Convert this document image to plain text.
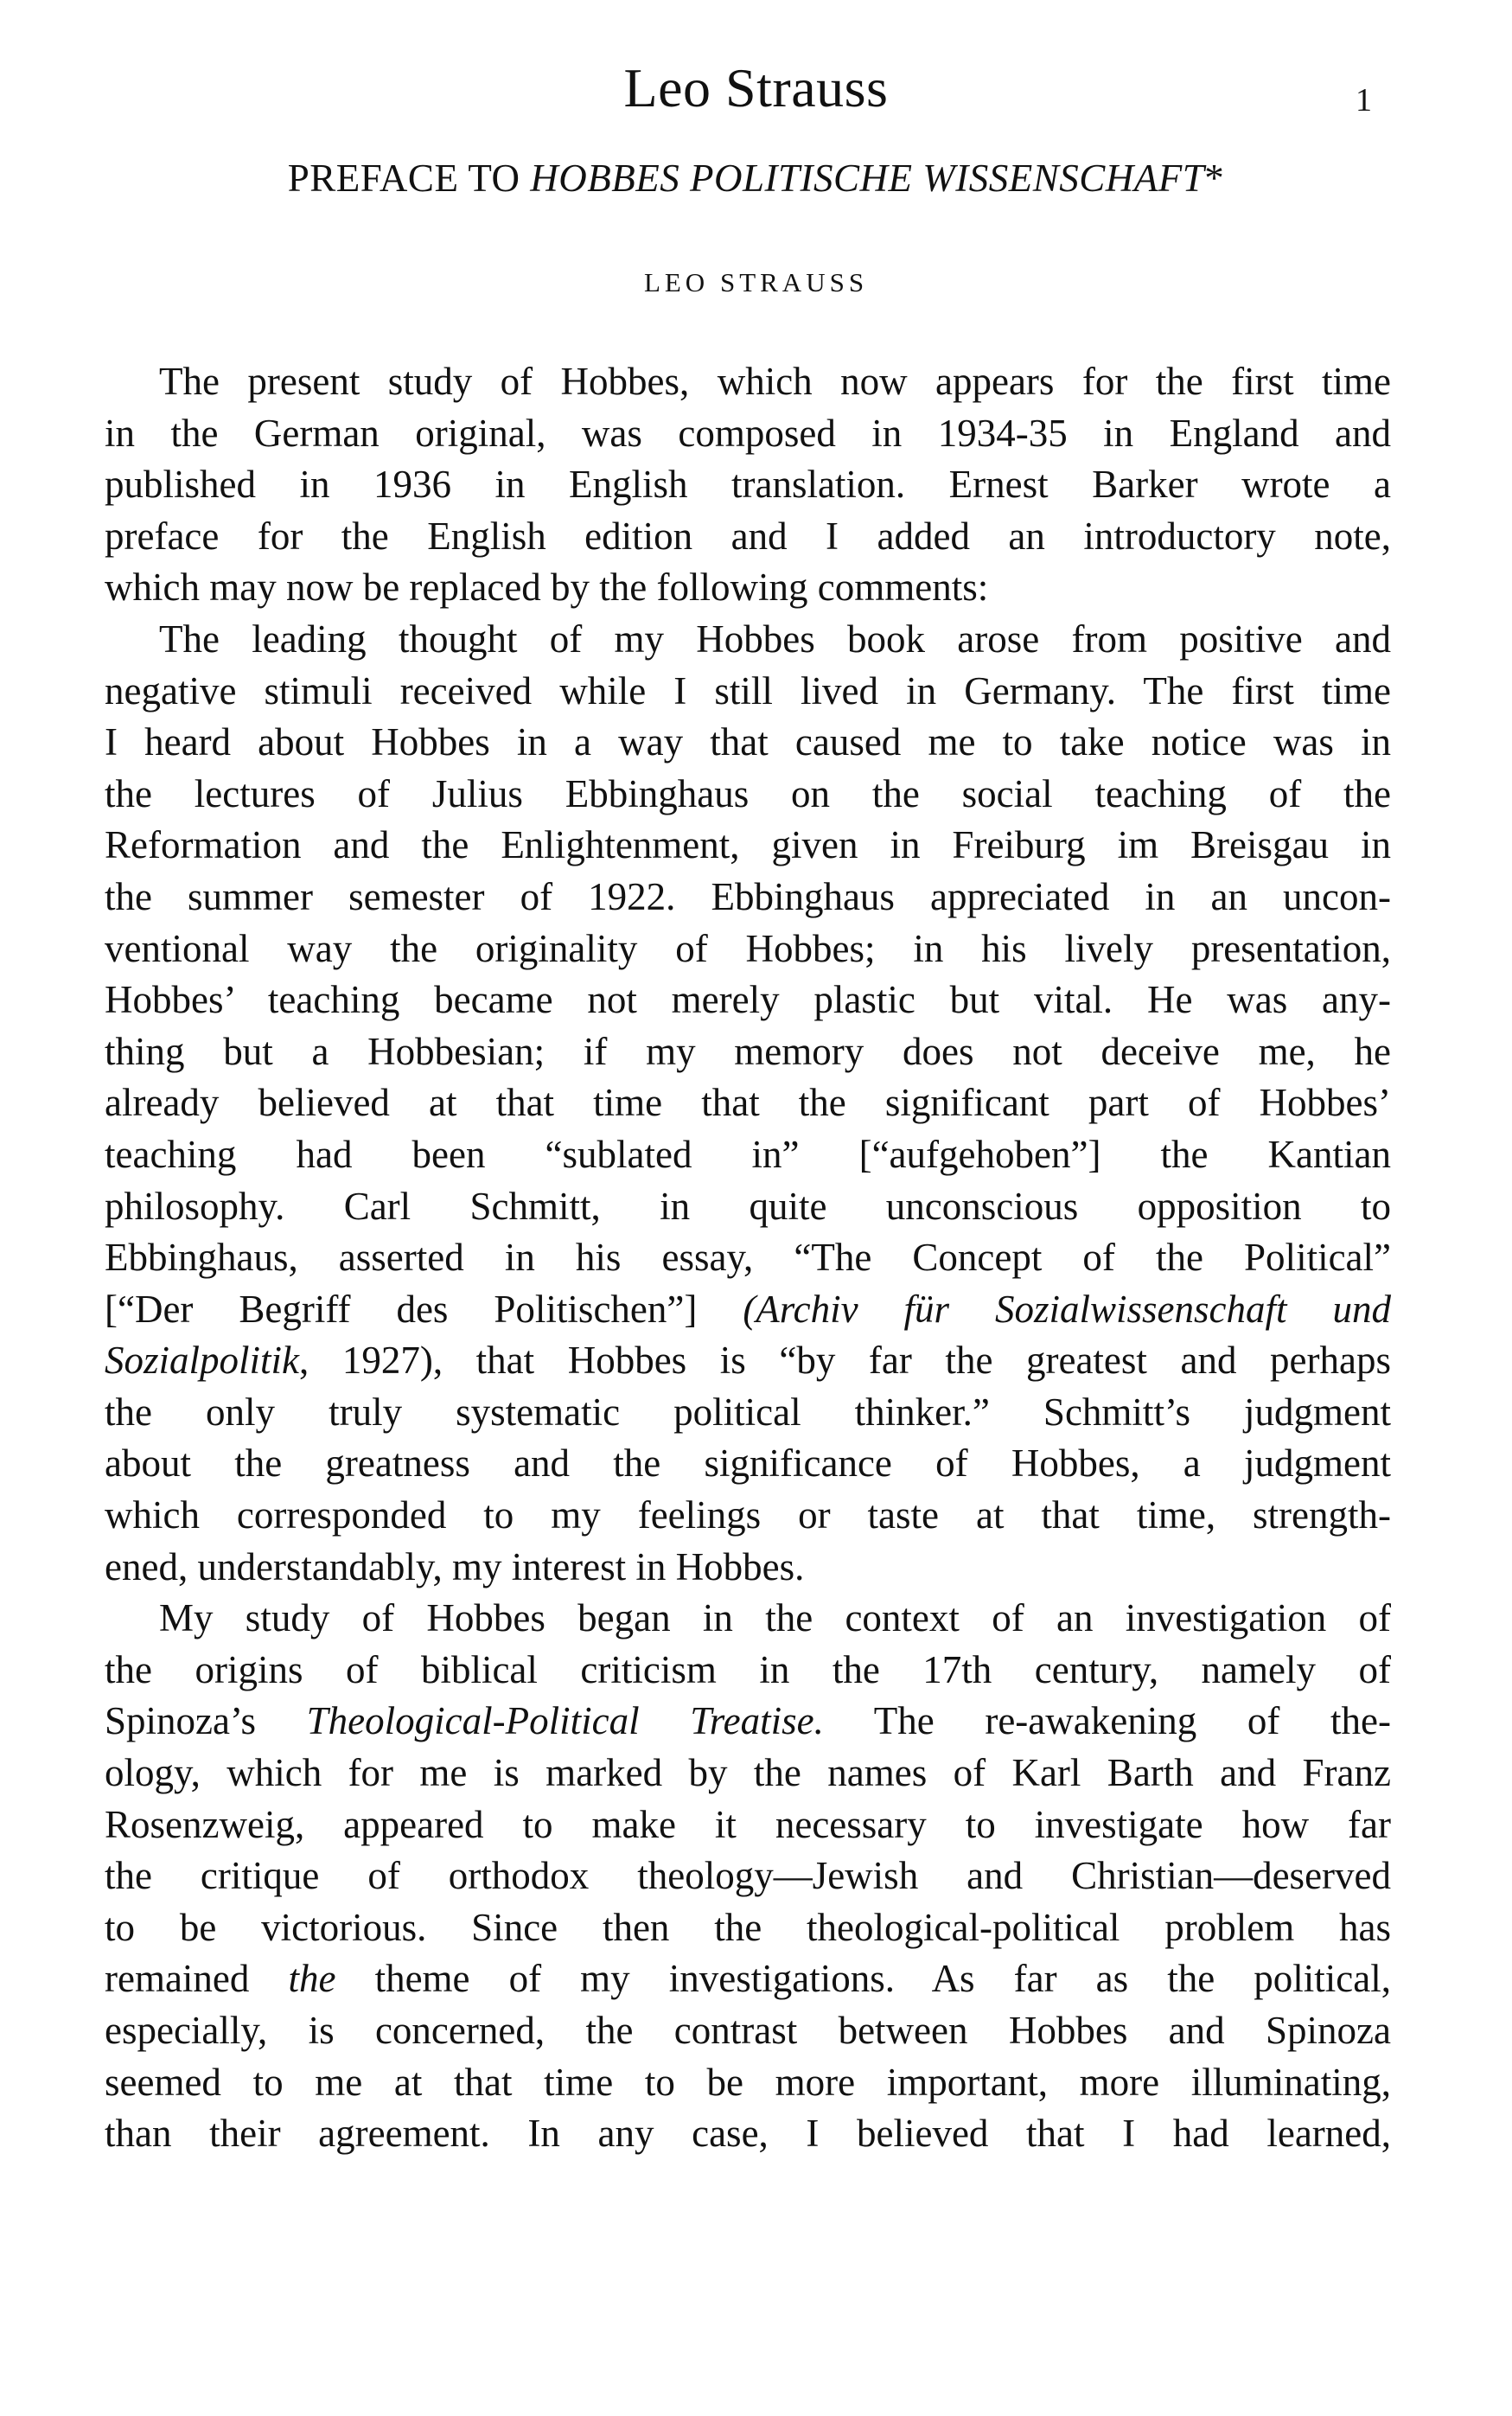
Leo Strauss	1
PREFACE TO HOBBES POLITISCHE WISSENSCHAFT*
LEO STRAUSS

The present study of Hobbes, which now appears for the first time
in the German original, was composed in 1934-35 in England and
published in 1936 in English translation. Ernest Barker wrote a
preface for the English edition and I added an introductory note,
which may now be replaced by the following comments:

The leading thought of my Hobbes book arose from positive and
negative stimuli received while I still lived in Germany. The first time
I heard about Hobbes in a way that caused me to take notice was in
the lectures of Julius Ebbinghaus on the social teaching of the
Reformation and the Enlightenment, given in Freiburg im Breisgau in
the summer semester of 1922. Ebbinghaus appreciated in an uncon-
ventional way the originality of Hobbes; in his lively presentation,
Hobbes’ teaching became not merely plastic but vital. He was any-
thing but a Hobbesian; if my memory does not deceive me, he
already believed at that time that the significant part of Hobbes’
teaching had been “sublated in” [“aufgehoben”] the Kantian
philosophy. Carl Schmitt, in quite unconscious opposition to
Ebbinghaus, asserted in his essay, “The Concept of the Political”
[“Der Begriff des Politischen”] (Archiv für Sozialwissenschaft und
Sozialpolitik, 1927), that Hobbes is “by far the greatest and perhaps
the only truly systematic political thinker.” Schmitt’s judgment
about the greatness and the significance of Hobbes, a judgment
which corresponded to my feelings or taste at that time, strength-
ened, understandably, my interest in Hobbes.

My study of Hobbes began in the context of an investigation of
the origins of biblical criticism in the 17th century, namely of
Spinoza’s Theological-Political Treatise. The re-awakening of the-
ology, which for me is marked by the names of Karl Barth and Franz
Rosenzweig, appeared to make it necessary to investigate how far
the critique of orthodox theology—Jewish and Christian—deserved
to be victorious. Since then the theological-political problem has
remained the theme of my investigations. As far as the political,
especially, is concerned, the contrast between Hobbes and Spinoza
seemed to me at that time to be more important, more illuminating,
than their agreement. In any case, I believed that I had learned,
